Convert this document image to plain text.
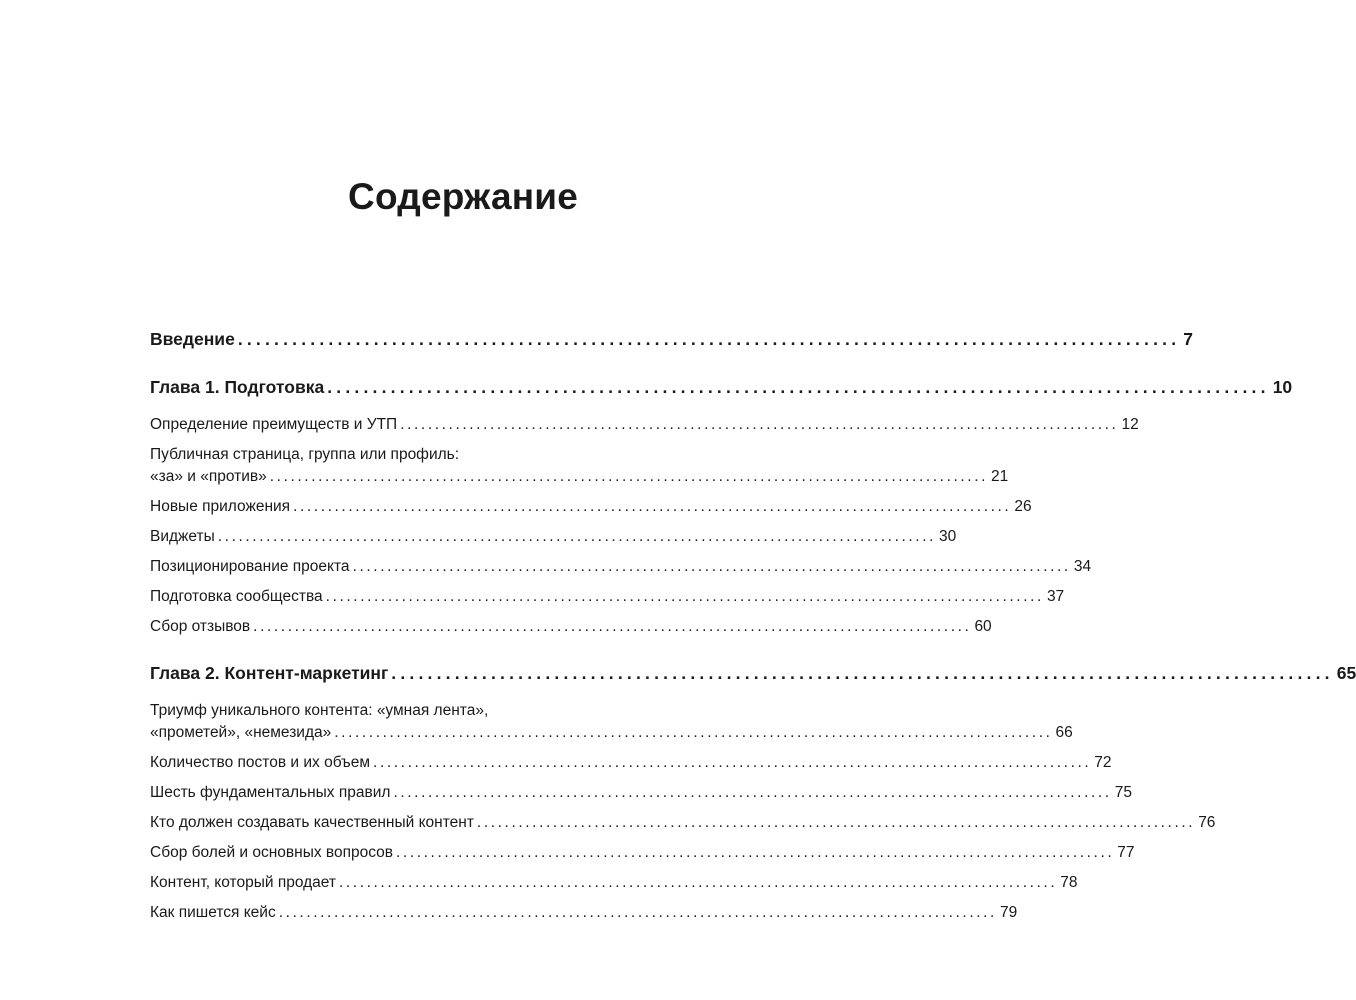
Содержание
Введение ........................................................................................................ 7
Глава 1. Подготовка ........................................................................................................ 10
Определение преимуществ и УТП ........................................................................................................ 12
Публичная страница, группа или профиль:
«за» и «против» ........................................................................................................ 21
Новые приложения ........................................................................................................ 26
Виджеты ........................................................................................................ 30
Позиционирование проекта ........................................................................................................ 34
Подготовка сообщества ........................................................................................................ 37
Сбор отзывов ........................................................................................................ 60
Глава 2. Контент-маркетинг ........................................................................................................ 65
Триумф уникального контента: «умная лента»,
«прометей», «немезида» ........................................................................................................ 66
Количество постов и их объем ........................................................................................................ 72
Шесть фундаментальных правил ........................................................................................................ 75
Кто должен создавать качественный контент ........................................................................................................ 76
Сбор болей и основных вопросов ........................................................................................................ 77
Контент, который продает ........................................................................................................ 78
Как пишется кейс ........................................................................................................ 79
